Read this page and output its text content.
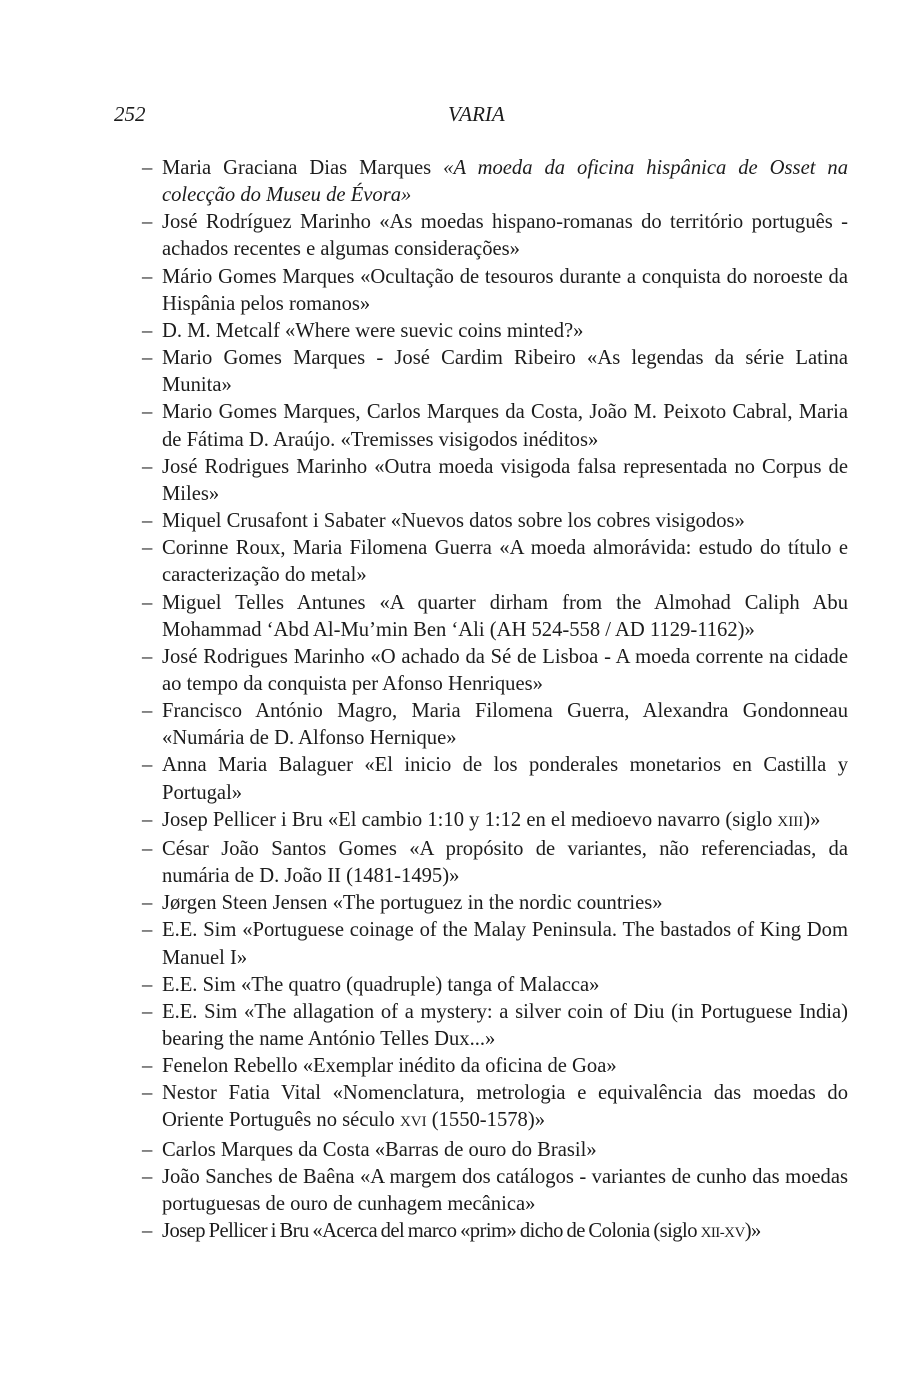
252	VARIA
– Maria Graciana Dias Marques «A moeda da oficina hispânica de Osset na colecção do Museu de Évora»
– José Rodríguez Marinho «As moedas hispano-romanas do território português - achados recentes e algumas considerações»
– Mário Gomes Marques «Ocultação de tesouros durante a conquista do noroeste da Hispânia pelos romanos»
– D. M. Metcalf «Where were suevic coins minted?»
– Mario Gomes Marques - José Cardim Ribeiro «As legendas da série Latina Munita»
– Mario Gomes Marques, Carlos Marques da Costa, João M. Peixoto Cabral, Maria de Fátima D. Araújo. «Tremisses visigodos inéditos»
– José Rodrigues Marinho «Outra moeda visigoda falsa representada no Corpus de Miles»
– Miquel Crusafont i Sabater «Nuevos datos sobre los cobres visigodos»
– Corinne Roux, Maria Filomena Guerra «A moeda almorávida: estudo do título e caracterização do metal»
– Miguel Telles Antunes «A quarter dirham from the Almohad Caliph Abu Mohammad ‘Abd Al-Mu’min Ben ‘Ali (AH 524-558 / AD 1129-1162)»
– José Rodrigues Marinho «O achado da Sé de Lisboa - A moeda corrente na cidade ao tempo da conquista per Afonso Henriques»
– Francisco António Magro, Maria Filomena Guerra, Alexandra Gondonneau «Numária de D. Alfonso Hernique»
– Anna Maria Balaguer «El inicio de los ponderales monetarios en Castilla y Portugal»
– Josep Pellicer i Bru «El cambio 1:10 y 1:12 en el medioevo navarro (siglo XIII)»
– César João Santos Gomes «A propósito de variantes, não referenciadas, da numária de D. João II (1481-1495)»
– Jørgen Steen Jensen «The portuguez in the nordic countries»
– E.E. Sim «Portuguese coinage of the Malay Peninsula. The bastados of King Dom Manuel I»
– E.E. Sim «The quatro (quadruple) tanga of Malacca»
– E.E. Sim «The allagation of a mystery: a silver coin of Diu (in Portuguese India) bearing the name António Telles Dux...»
– Fenelon Rebello «Exemplar inédito da oficina de Goa»
– Nestor Fatia Vital «Nomenclatura, metrologia e equivalência das moedas do Oriente Português no século XVI (1550-1578)»
– Carlos Marques da Costa «Barras de ouro do Brasil»
– João Sanches de Baêna «A margem dos catálogos - variantes de cunho das moedas portuguesas de ouro de cunhagem mecânica»
– Josep Pellicer i Bru «Acerca del marco «prim» dicho de Colonia (siglo XII-XV)»
